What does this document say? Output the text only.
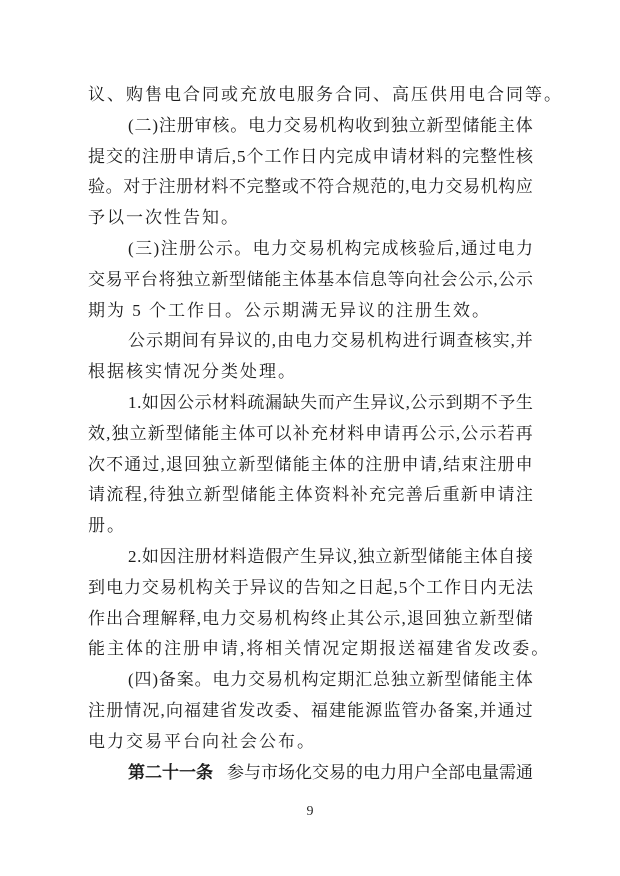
议、购售电合同或充放电服务合同、高压供用电合同等。
( 二 ) 注 册 审 核 。 电 力 交 易 机 构 收 到 独 立 新 型 储 能 主 体
提 交 的 注 册 申 请 后 , 5 个 工 作 日 内 完 成 申 请 材 料 的 完 整 性 核
验 。 对 于 注 册 材 料 不 完 整 或 不 符 合 规 范 的 , 电 力 交 易 机 构 应
予以一次性告知。
( 三 ) 注 册 公 示 。 电 力 交 易 机 构 完 成 核 验 后 , 通 过 电 力
交 易 平 台 将 独 立 新 型 储 能 主 体 基 本 信 息 等 向 社 会 公 示 , 公 示
期为 5 个工作日。公示期满无异议的注册生效。
公 示 期 间 有 异 议 的 , 由 电 力 交 易 机 构 进 行 调 查 核 实 , 并
根据核实情况分类处理。
1 . 如 因 公 示 材 料 疏 漏 缺 失 而 产 生 异 议 , 公 示 到 期 不 予 生
效 , 独 立 新 型 储 能 主 体 可 以 补 充 材 料 申 请 再 公 示 , 公 示 若 再
次 不 通 过 , 退 回 独 立 新 型 储 能 主 体 的 注 册 申 请 , 结 束 注 册 申
请 流 程 , 待 独 立 新 型 储 能 主 体 资 料 补 充 完 善 后 重 新 申 请 注
册。
2 . 如 因 注 册 材 料 造 假 产 生 异 议 , 独 立 新 型 储 能 主 体 自 接
到 电 力 交 易 机 构 关 于 异 议 的 告 知 之 日 起 , 5 个 工 作 日 内 无 法
作 出 合 理 解 释 , 电 力 交 易 机 构 终 止 其 公 示 , 退 回 独 立 新 型 储
能主体的注册申请,将相关情况定期报送福建省发改委。
( 四 ) 备 案 。 电 力 交 易 机 构 定 期 汇 总 独 立 新 型 储 能 主 体
注 册 情 况 , 向 福 建 省 发 改 委 、 福 建 能 源 监 管 办 备 案 , 并 通 过
电力交易平台向社会公布。
第 二 十 一 条 参 与 市 场 化 交 易 的 电 力 用 户 全 部 电 量 需 通
9
